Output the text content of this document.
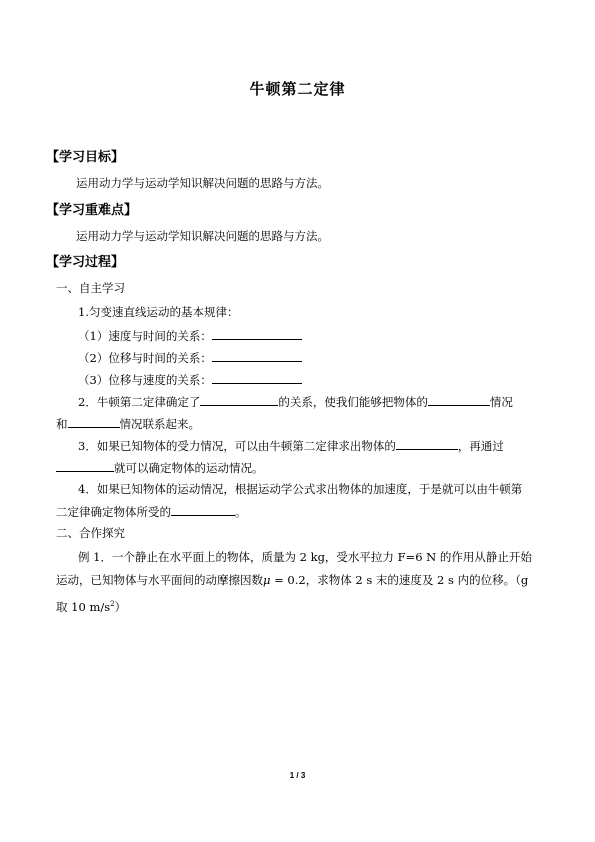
牛顿第二定律
【学习目标】
运用动力学与运动学知识解决问题的思路与方法。
【学习重难点】
运用动力学与运动学知识解决问题的思路与方法。
【学习过程】
一、自主学习
1.匀变速直线运动的基本规律：
（1）速度与时间的关系：
（2）位移与时间的关系：
（3）位移与速度的关系：
2．牛顿第二定律确定了	的关系，使我们能够把物体的	情况
和	情况联系起来。
3．如果已知物体的受力情况，可以由牛顿第二定律求出物体的	，再通过
就可以确定物体的运动情况。
4．如果已知物体的运动情况，根据运动学公式求出物体的加速度，于是就可以由牛顿第
二定律确定物体所受的	。
二、合作探究
例 1．一个静止在水平面上的物体，质量为 2 kg，受水平拉力 F=6 N 的作用从静止开始
运动，已知物体与水平面间的动摩擦因数μ = 0.2，求物体 2 s 末的速度及 2 s 内的位移。（g
取 10 $m/s^2$）
1 / 3
